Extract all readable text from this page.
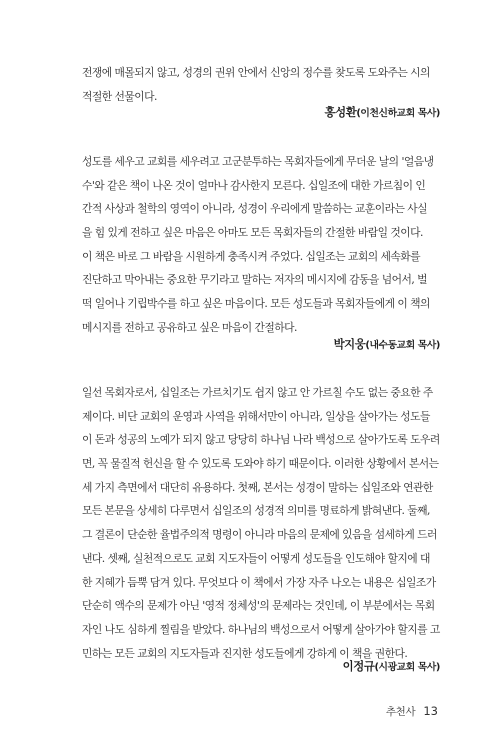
전쟁에 매몰되지 않고, 성경의 권위 안에서 신앙의 정수를 찾도록 도와주는 시의
적절한 선물이다.
홍성환(이천신하교회 목사)
성도를 세우고 교회를 세우려고 고군분투하는 목회자들에게 무더운 날의 '얼음냉
수'와 같은 책이 나온 것이 얼마나 감사한지 모른다. 십일조에 대한 가르침이 인
간적 사상과 철학의 영역이 아니라, 성경이 우리에게 말씀하는 교훈이라는 사실
을 힘 있게 전하고 싶은 마음은 아마도 모든 목회자들의 간절한 바람일 것이다.
이 책은 바로 그 바람을 시원하게 충족시켜 주었다. 십일조는 교회의 세속화를
진단하고 막아내는 중요한 무기라고 말하는 저자의 메시지에 감동을 넘어서, 벌
떡 일어나 기립박수를 하고 싶은 마음이다. 모든 성도들과 목회자들에게 이 책의
메시지를 전하고 공유하고 싶은 마음이 간절하다.
박지웅(내수동교회 목사)
일선 목회자로서, 십일조는 가르치기도 쉽지 않고 안 가르칠 수도 없는 중요한 주
제이다. 비단 교회의 운영과 사역을 위해서만이 아니라, 일상을 살아가는 성도들
이 돈과 성공의 노예가 되지 않고 당당히 하나님 나라 백성으로 살아가도록 도우려
면, 꼭 물질적 헌신을 할 수 있도록 도와야 하기 때문이다. 이러한 상황에서 본서는
세 가지 측면에서 대단히 유용하다. 첫째, 본서는 성경이 말하는 십일조와 연관한
모든 본문을 상세히 다루면서 십일조의 성경적 의미를 명료하게 밝혀낸다. 둘째,
그 결론이 단순한 율법주의적 명령이 아니라 마음의 문제에 있음을 섬세하게 드러
낸다. 셋째, 실천적으로도 교회 지도자들이 어떻게 성도들을 인도해야 할지에 대
한 지혜가 듬뿍 담겨 있다. 무엇보다 이 책에서 가장 자주 나오는 내용은 십일조가
단순히 액수의 문제가 아닌 '영적 정체성'의 문제라는 것인데, 이 부분에서는 목회
자인 나도 심하게 찔림을 받았다. 하나님의 백성으로서 어떻게 살아가야 할지를 고
민하는 모든 교회의 지도자들과 진지한 성도들에게 강하게 이 책을 권한다.
이정규(시광교회 목사)
추천사 13
